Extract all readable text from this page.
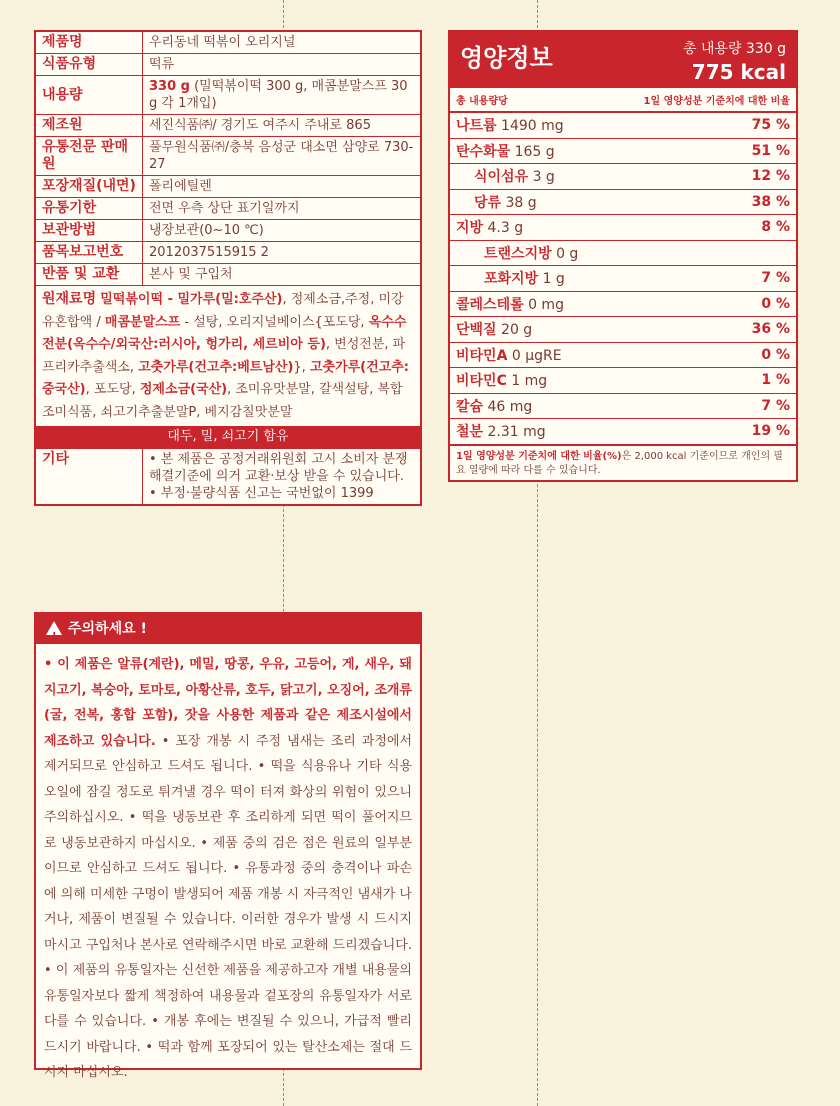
제품명	우리동네 떡볶이 오리지널
식품유형	떡류
내용량	330 g (밀떡볶이떡 300 g, 매콤분말스프 30 g 각 1개입)
제조원	세진식품㈜/ 경기도 여주시 주내로 865
유통전문 판매원	풀무원식품㈜/충북 음성군 대소면 삼양로 730-27
포장재질(내면)	폴리에틸렌
유통기한	전면 우측 상단 표기일까지
보관방법	냉장보관(0~10 ℃)
품목보고번호	2012037515915 2
반품 및 교환	본사 및 구입처

원재료명 밀떡볶이떡 - 밀가루(밀:호주산), 정제소금,주정, 미강유혼합액 / 매콤분말스프 - 설탕, 오리지널베이스{포도당, 옥수수전분(옥수수/외국산:러시아, 헝가리, 세르비아 등), 변성전분, 파프리카추출색소, 고춧가루(건고추:베트남산)}, 고춧가루(건고추:중국산), 포도당, 정제소금(국산), 조미유맛분말, 갈색설탕, 복합조미식품, 쇠고기추출분말P, 베지감칠맛분말
대두, 밀, 쇠고기 함유	

기타	• 본 제품은 공정거래위원회 고시 소비자 분쟁해결기준에 의거 교환·보상 받을 수 있습니다.
• 부정·불량식품 신고는 국번없이 1399
! 주의하세요 !
• 이 제품은 알류(계란), 메밀, 땅콩, 우유, 고등어, 게, 새우, 돼지고기, 복숭아, 토마토, 아황산류, 호두, 닭고기, 오징어, 조개류(굴, 전복, 홍합 포함), 잣을 사용한 제품과 같은 제조시설에서 제조하고 있습니다. • 포장 개봉 시 주정 냄새는 조리 과정에서 제거되므로 안심하고 드셔도 됩니다. • 떡을 식용유나 기타 식용 오일에 잠길 정도로 튀겨낼 경우 떡이 터져 화상의 위험이 있으니 주의하십시오. • 떡을 냉동보관 후 조리하게 되면 떡이 풀어지므로 냉동보관하지 마십시오. • 제품 중의 검은 점은 원료의 일부분이므로 안심하고 드셔도 됩니다. • 유통과정 중의 충격이나 파손에 의해 미세한 구멍이 발생되어 제품 개봉 시 자극적인 냄새가 나거나, 제품이 변질될 수 있습니다. 이러한 경우가 발생 시 드시지 마시고 구입처나 본사로 연락해주시면 바로 교환해 드리겠습니다. • 이 제품의 유통일자는 신선한 제품을 제공하고자 개별 내용물의 유통일자보다 짧게 책정하여 내용물과 겉포장의 유통일자가 서로 다를 수 있습니다. • 개봉 후에는 변질될 수 있으니, 가급적 빨리 드시기 바랍니다. • 떡과 함께 포장되어 있는 탈산소제는 절대 드시지 마십시오.
영양정보	총 내용량 330 g
775 kcal
총 내용량당	1일 영양성분 기준치에 대한 비율
나트륨 1490 mg	75 %
탄수화물 165 g	51 %
식이섬유 3 g	12 %
당류 38 g	38 %
지방 4.3 g	8 %
트랜스지방 0 g
포화지방 1 g	7 %
콜레스테롤 0 mg	0 %
단백질 20 g	36 %
비타민A 0 μgRE	0 %
비타민C 1 mg	1 %
칼슘 46 mg	7 %
철분 2.31 mg	19 %
1일 영양성분 기준치에 대한 비율(%)은 2,000 kcal 기준이므로 개인의 필요 열량에 따라 다를 수 있습니다.
